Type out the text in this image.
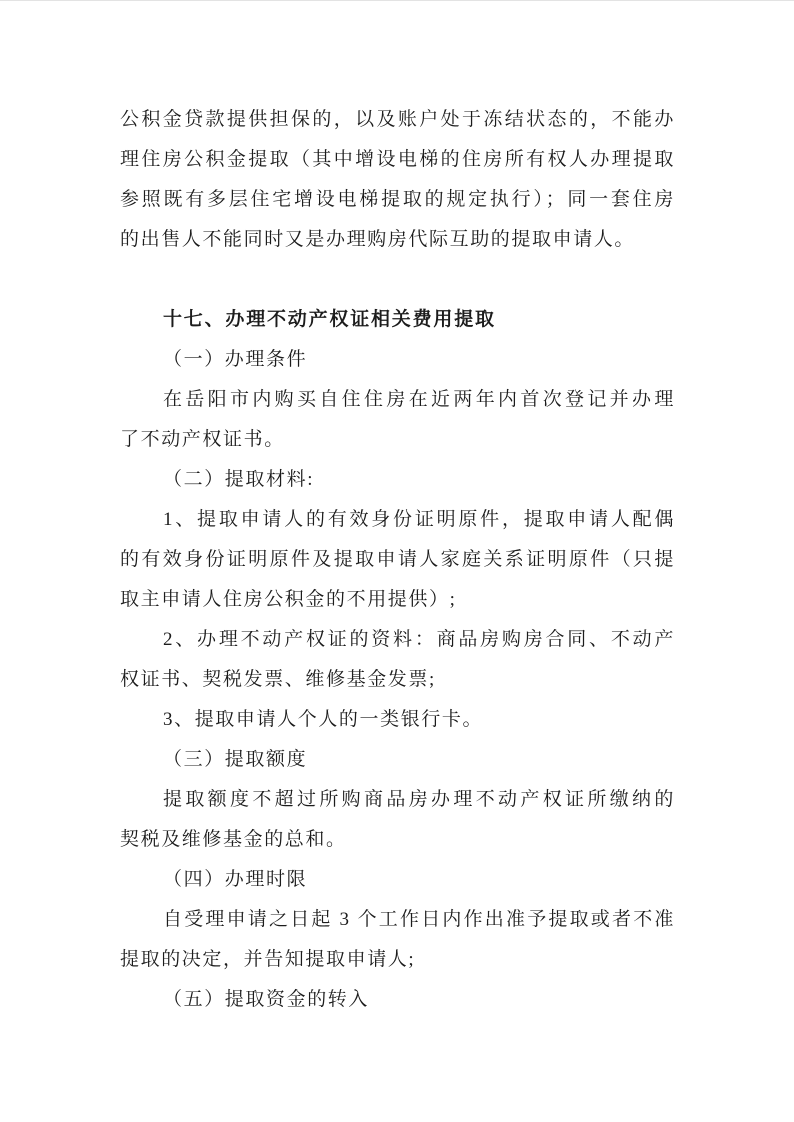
公积金贷款提供担保的，以及账户处于冻结状态的，不能办
理住房公积金提取（其中增设电梯的住房所有权人办理提取
参照既有多层住宅增设电梯提取的规定执行）；同一套住房
的出售人不能同时又是办理购房代际互助的提取申请人。
十七、办理不动产权证相关费用提取
（一）办理条件
在岳阳市内购买自住住房在近两年内首次登记并办理
了不动产权证书。
（二）提取材料:
1、提取申请人的有效身份证明原件，提取申请人配偶
的有效身份证明原件及提取申请人家庭关系证明原件（只提
取主申请人住房公积金的不用提供）;
2、办理不动产权证的资料：商品房购房合同、不动产
权证书、契税发票、维修基金发票;
3、提取申请人个人的一类银行卡。
（三）提取额度
提取额度不超过所购商品房办理不动产权证所缴纳的
契税及维修基金的总和。
（四）办理时限
自受理申请之日起 3 个工作日内作出准予提取或者不准
提取的决定，并告知提取申请人;
（五）提取资金的转入
